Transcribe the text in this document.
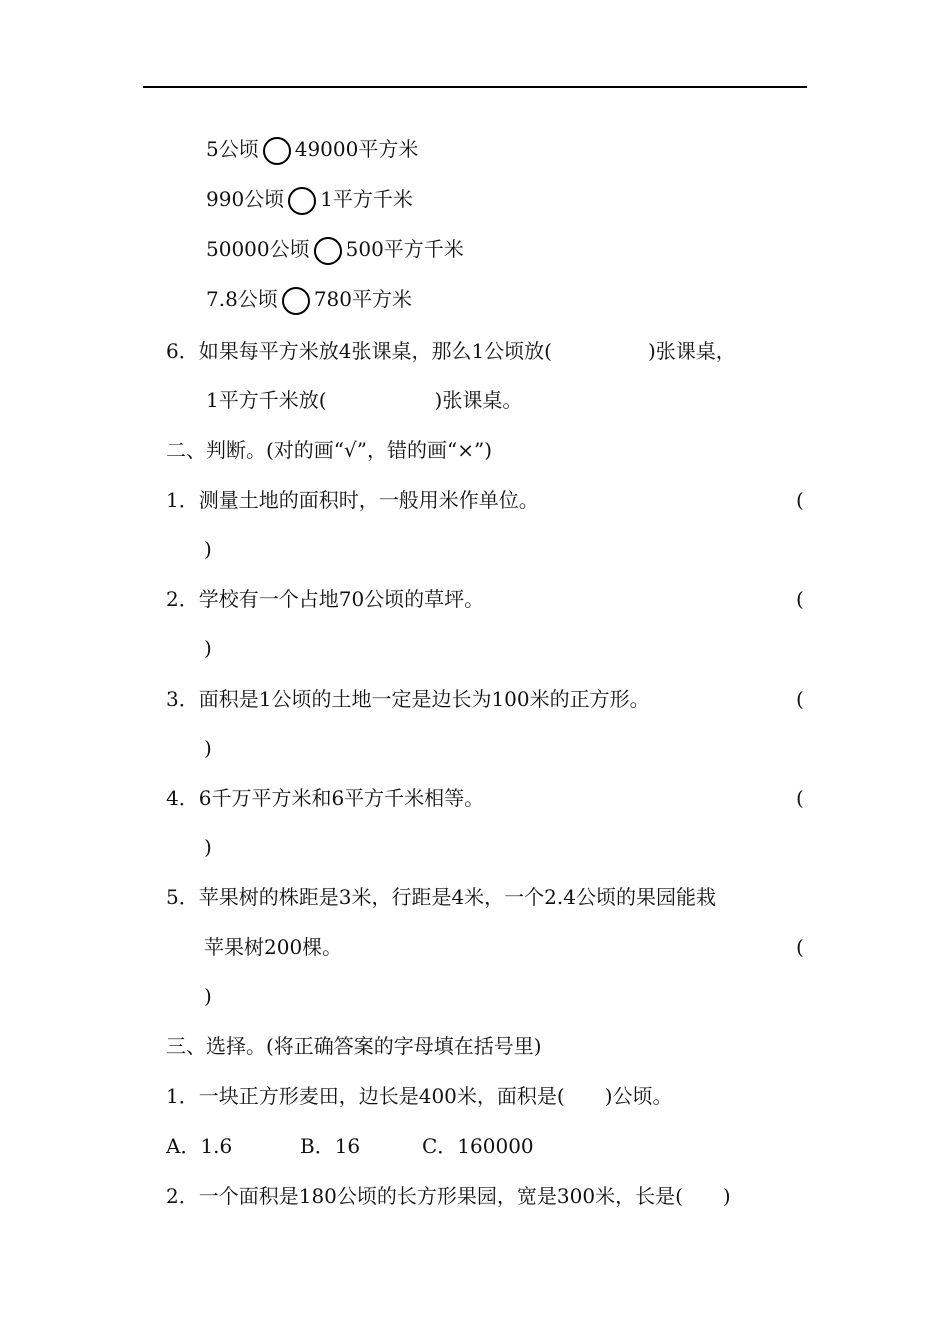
5公顷 49000平方米
990公顷 1平方千米
50000公顷 500平方千米
7.8公顷 780平方米
6．如果每平方米放4张课桌，那么1公顷放(	)张课桌，
1平方千米放(	)张课桌。
二、判断。(对的画“√”，错的画“×”)
1．测量土地的面积时，一般用米作单位。	(
)
2．学校有一个占地70公顷的草坪。	(
)
3．面积是1公顷的土地一定是边长为100米的正方形。	(
)
4．6千万平方米和6平方千米相等。	(
)
5．苹果树的株距是3米，行距是4米，一个2.4公顷的果园能栽
苹果树200棵。	(
)
三、选择。(将正确答案的字母填在括号里)
1．一块正方形麦田，边长是400米，面积是(　　)公顷。
A．1.6	B．16	C．160000
2．一个面积是180公顷的长方形果园，宽是300米，长是(　　)
